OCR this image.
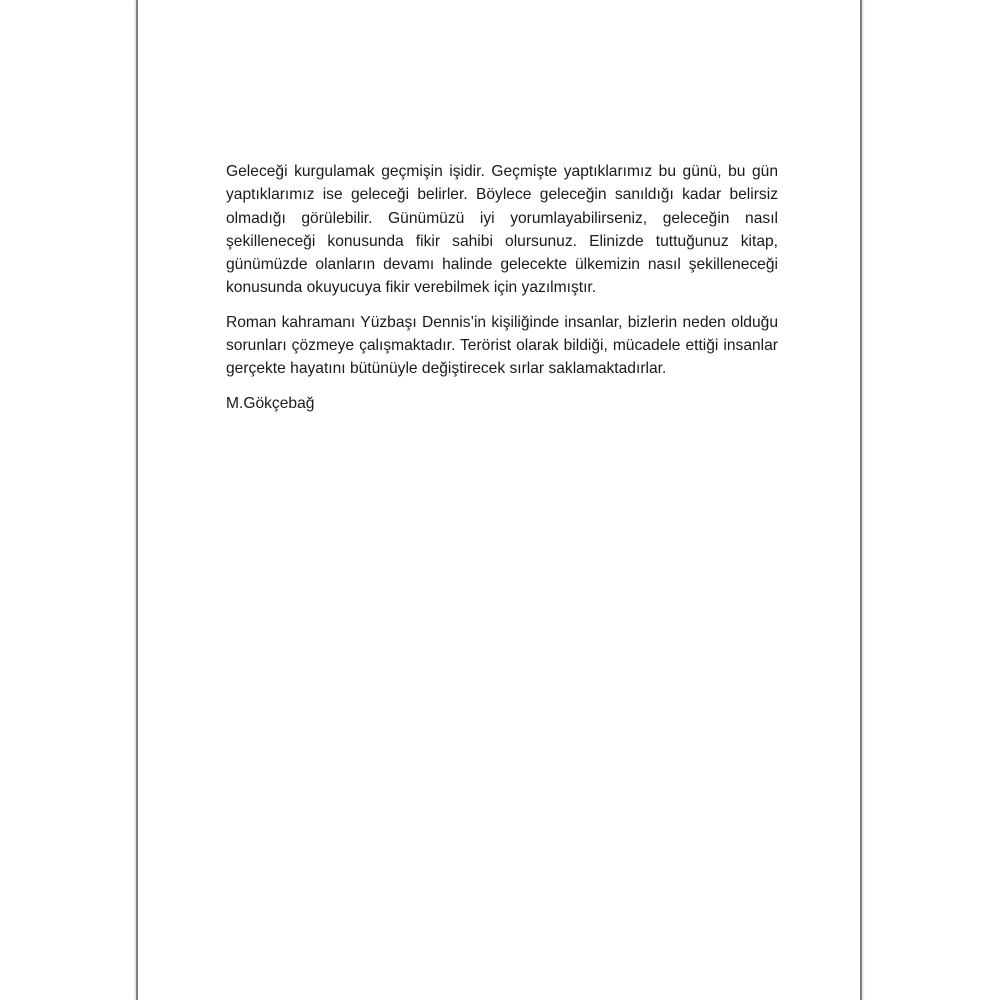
Geleceği kurgulamak geçmişin işidir. Geçmişte yaptıklarımız bu günü, bu gün yaptıklarımız ise geleceği belirler. Böylece geleceğin sanıldığı kadar belirsiz olmadığı görülebilir. Günümüzü iyi yorumlayabilirseniz, geleceğin nasıl şekilleneceği konusunda fikir sahibi olursunuz. Elinizde tuttuğunuz kitap, günümüzde olanların devamı halinde gelecekte ülkemizin nasıl şekilleneceği konusunda okuyucuya fikir verebilmek için yazılmıştır.

Roman kahramanı Yüzbaşı Dennis’in kişiliğinde insanlar, bizlerin neden olduğu sorunları çözmeye çalışmaktadır. Terörist olarak bildiği, mücadele ettiği insanlar gerçekte hayatını bütünüyle değiştirecek sırlar saklamaktadırlar.

M.Gökçebağ
